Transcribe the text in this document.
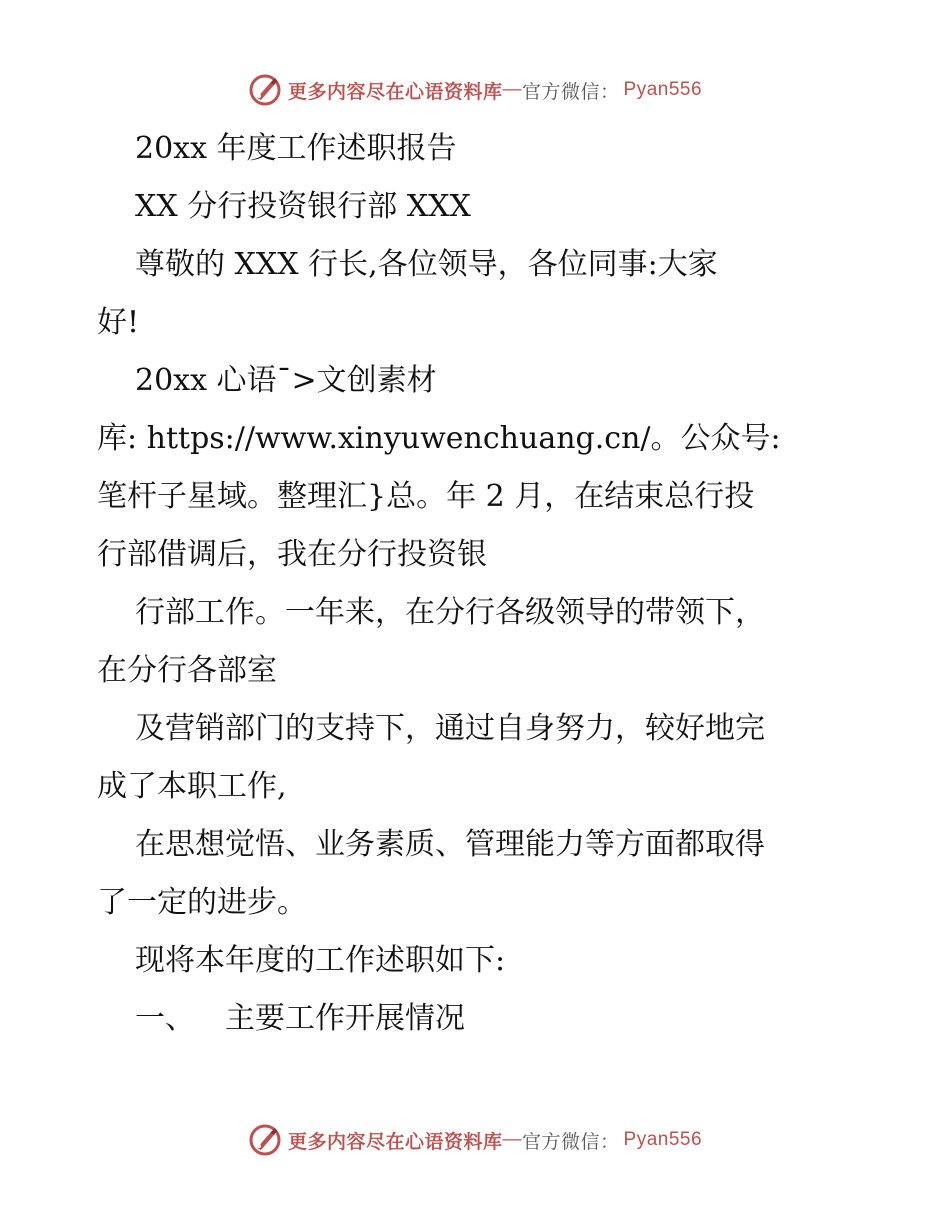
更多内容尽在心语资料库 — 官方微信 ： Pyan556
20xx 年度工作述职报告
XX 分行投资银行部 XXX
尊敬的 XXX 行长,各位领导，各位同事:大家
好!
20xx 心语¯>文创素材
库: https://www.xinyuwenchuang.cn/。公众号:
笔杆子星域。整理汇}总。年 2 月，在结束总行投
行部借调后，我在分行投资银
行部工作。一年来，在分行各级领导的带领下，
在分行各部室
及营销部门的支持下，通过自身努力，较好地完
成了本职工作,
在思想觉悟、业务素质、管理能力等方面都取得
了一定的进步。
现将本年度的工作述职如下:
一、 主要工作开展情况
更多内容尽在心语资料库 — 官方微信 ： Pyan556
